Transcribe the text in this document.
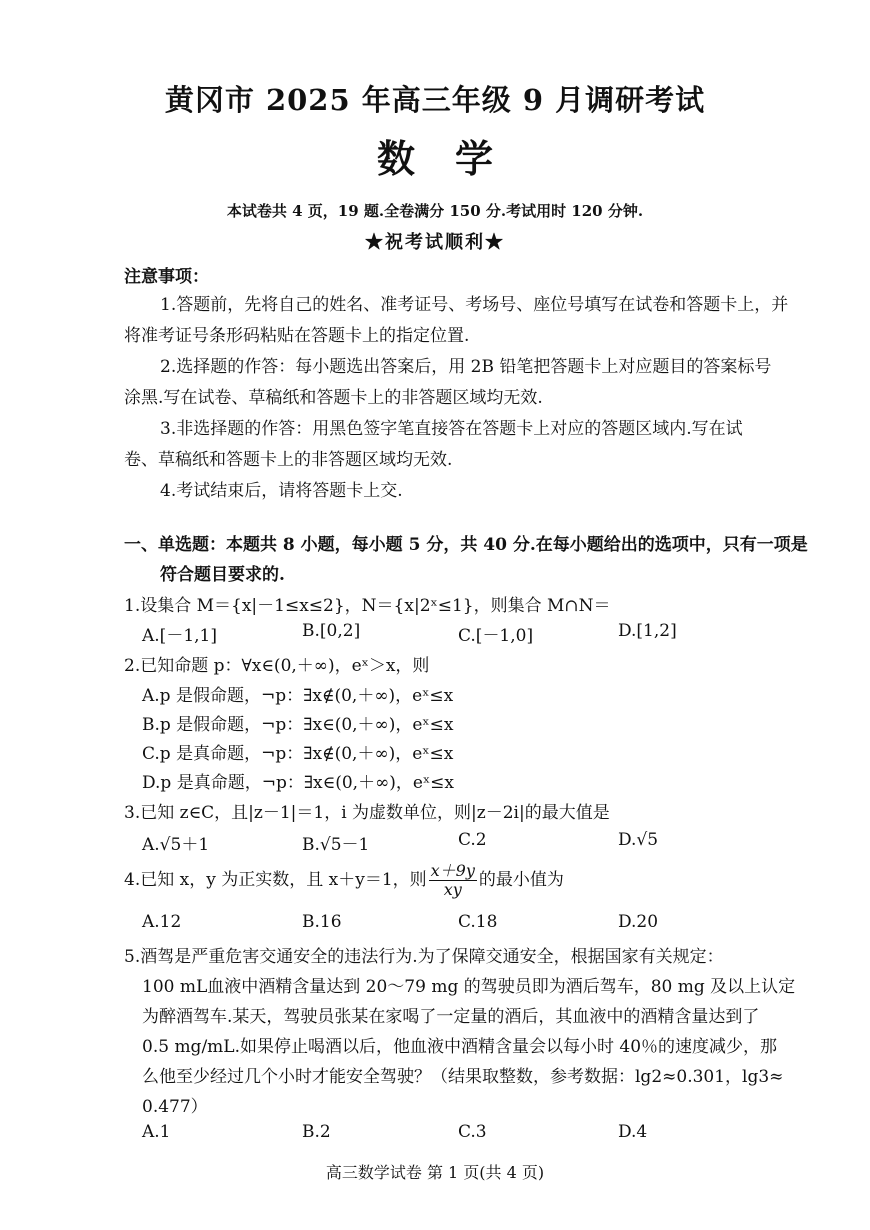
黄冈市 2025 年高三年级 9 月调研考试
数学
本试卷共 4 页，19 题.全卷满分 150 分.考试用时 120 分钟.
★祝考试顺利★
注意事项：
1.答题前，先将自己的姓名、准考证号、考场号、座位号填写在试卷和答题卡上，并
将准考证号条形码粘贴在答题卡上的指定位置.
2.选择题的作答：每小题选出答案后，用 2B 铅笔把答题卡上对应题目的答案标号
涂黑.写在试卷、草稿纸和答题卡上的非答题区域均无效.
3.非选择题的作答：用黑色签字笔直接答在答题卡上对应的答题区域内.写在试
卷、草稿纸和答题卡上的非答题区域均无效.
4.考试结束后，请将答题卡上交.
一、单选题：本题共 8 小题，每小题 5 分，共 40 分.在每小题给出的选项中，只有一项是
符合题目要求的.
1.设集合 M＝{x|－1≤x≤2}，N＝{x|2ˣ≤1}，则集合 M∩N＝
A.[－1,1]	B.[0,2]	C.[－1,0]	D.[1,2]
2.已知命题 p：∀x∈(0,＋∞)，eˣ＞x，则
A.p 是假命题，¬p：∃x∉(0,＋∞)，eˣ≤x
B.p 是假命题，¬p：∃x∈(0,＋∞)，eˣ≤x
C.p 是真命题，¬p：∃x∉(0,＋∞)，eˣ≤x
D.p 是真命题，¬p：∃x∈(0,＋∞)，eˣ≤x
3.已知 z∈C，且|z－1|＝1，i 为虚数单位，则|z－2i|的最大值是
A.√5＋1	B.√5－1	C.2	D.√5
4.已知 x，y 为正实数，且 x＋y＝1，则 $\frac{x+9y}{xy}$ 的最小值为
A.12	B.16	C.18	D.20
5.酒驾是严重危害交通安全的违法行为.为了保障交通安全，根据国家有关规定：
100 mL血液中酒精含量达到 20～79 mg 的驾驶员即为酒后驾车，80 mg 及以上认定
为醉酒驾车.某天，驾驶员张某在家喝了一定量的酒后，其血液中的酒精含量达到了
0.5 mg/mL.如果停止喝酒以后，他血液中酒精含量会以每小时 40％的速度减少，那
么他至少经过几个小时才能安全驾驶？（结果取整数，参考数据：lg2≈0.301，lg3≈
0.477）
A.1	B.2	C.3	D.4
高三数学试卷 第 1 页(共 4 页)
